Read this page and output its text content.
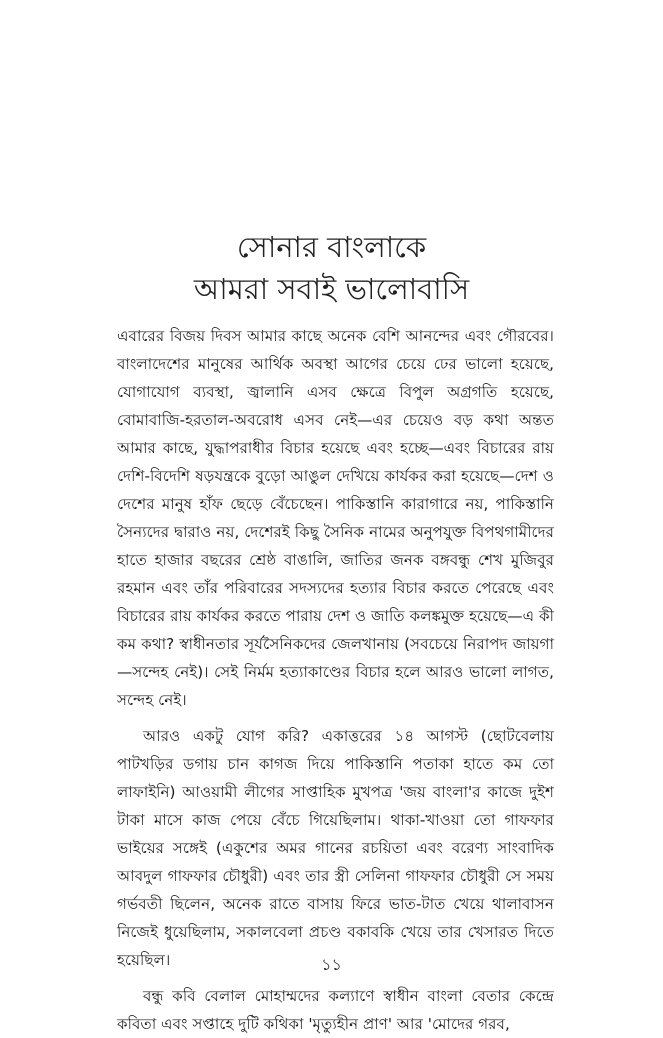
সোনার বাংলাকে
আমরা সবাই ভালোবাসি

এবারের বিজয় দিবস আমার কাছে অনেক বেশি আনন্দের এবং গৌরবের। বাংলাদেশের মানুষের আর্থিক অবস্থা আগের চেয়ে ঢের ভালো হয়েছে, যোগাযোগ ব্যবস্থা, জ্বালানি এসব ক্ষেত্রে বিপুল অগ্রগতি হয়েছে, বোমাবাজি-হরতাল-অবরোধ এসব নেই—এর চেয়েও বড় কথা অন্তত আমার কাছে, যুদ্ধাপরাধীর বিচার হয়েছে এবং হচ্ছে—এবং বিচারের রায় দেশি-বিদেশি ষড়যন্ত্রকে বুড়ো আঙুল দেখিয়ে কার্যকর করা হয়েছে—দেশ ও দেশের মানুষ হাঁফ ছেড়ে বেঁচেছেন। পাকিস্তানি কারাগারে নয়, পাকিস্তানি সৈন্যদের দ্বারাও নয়, দেশেরই কিছু সৈনিক নামের অনুপযুক্ত বিপথগামীদের হাতে হাজার বছরের শ্রেষ্ঠ বাঙালি, জাতির জনক বঙ্গবন্ধু শেখ মুজিবুর রহমান এবং তাঁর পরিবারের সদস্যদের হত্যার বিচার করতে পেরেছে এবং বিচারের রায় কার্যকর করতে পারায় দেশ ও জাতি কলঙ্কমুক্ত হয়েছে—এ কী কম কথা? স্বাধীনতার সূর্যসৈনিকদের জেলখানায় (সবচেয়ে নিরাপদ জায়গা—সন্দেহ নেই)। সেই নির্মম হত্যাকাণ্ডের বিচার হলে আরও ভালো লাগত, সন্দেহ নেই।

আরও একটু যোগ করি? একাত্তরের ১৪ আগস্ট (ছোটবেলায় পাটখড়ির ডগায় চান কাগজ দিয়ে পাকিস্তানি পতাকা হাতে কম তো লাফাইনি) আওয়ামী লীগের সাপ্তাহিক মুখপত্র 'জয় বাংলা'র কাজে দুইশ টাকা মাসে কাজ পেয়ে বেঁচে গিয়েছিলাম। থাকা-খাওয়া তো গাফফার ভাইয়ের সঙ্গেই (একুশের অমর গানের রচয়িতা এবং বরেণ্য সাংবাদিক আবদুল গাফফার চৌধুরী) এবং তার স্ত্রী সেলিনা গাফফার চৌধুরী সে সময় গর্ভবতী ছিলেন, অনেক রাতে বাসায় ফিরে ভাত-টাত খেয়ে থালাবাসন নিজেই ধুয়েছিলাম, সকালবেলা প্রচণ্ড বকাবকি খেয়ে তার খেসারত দিতে হয়েছিল।

বন্ধু কবি বেলাল মোহাম্মদের কল্যাণে স্বাধীন বাংলা বেতার কেন্দ্রে কবিতা এবং সপ্তাহে দুটি কথিকা 'মৃত্যুহীন প্রাণ' আর 'মোদের গরব,

১১
